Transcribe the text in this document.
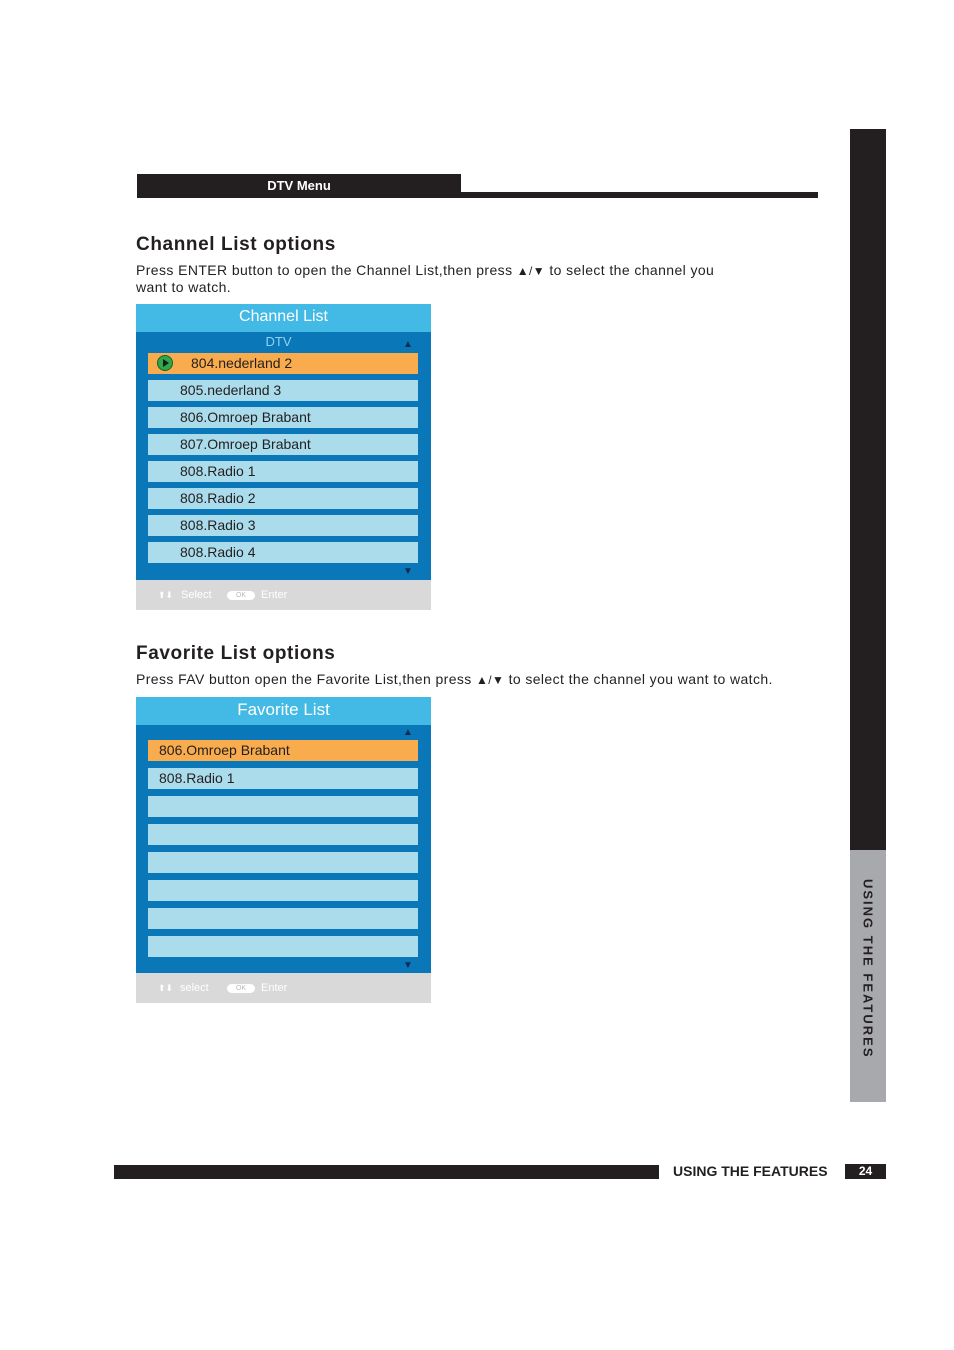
DTV Menu
USING THE FEATURES
Channel List options
Press ENTER button to open the Channel List,then press ▲/▼ to select the channel you
want to watch.
Channel List
DTV	▲
804.nederland 2
805.nederland 3
806.Omroep Brabant
807.Omroep Brabant
808.Radio 1
808.Radio 2
808.Radio 3
808.Radio 4
▼
⬆⬇ Select	OK	Enter
Favorite List options
Press FAV button open the Favorite List,then press ▲/▼ to select the channel you want to watch.
Favorite List
▲
806.Omroep Brabant
808.Radio 1
▼
⬆⬇ select	OK	Enter
USING THE FEATURES	24
